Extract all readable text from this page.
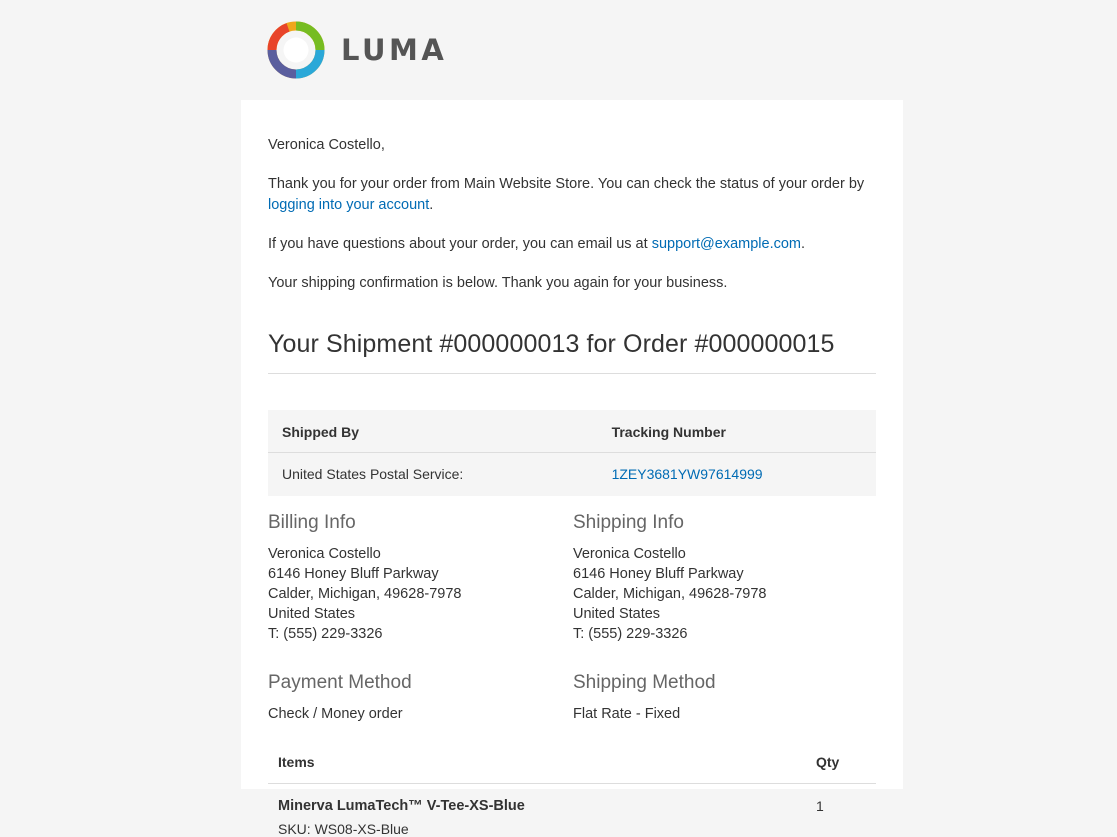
LUMA
Veronica Costello,

Thank you for your order from Main Website Store. You can check the status of your order by logging into your account.

If you have questions about your order, you can email us at support@example.com.

Your shipping confirmation is below. Thank you again for your business.

Your Shipment #000000013 for Order #000000015
Shipped By	Tracking Number
United States Postal Service:	1ZEY3681YW97614999
Billing Info
Veronica Costello
6146 Honey Bluff Parkway
Calder, Michigan, 49628-7978
United States
T: (555) 229-3326
Shipping Info
Veronica Costello
6146 Honey Bluff Parkway
Calder, Michigan, 49628-7978
United States
T: (555) 229-3326
Payment Method
Check / Money order
Shipping Method
Flat Rate - Fixed
Items	Qty

Minerva LumaTech™ V-Tee-XS-Blue
SKU: WS08-XS-Blue	1
